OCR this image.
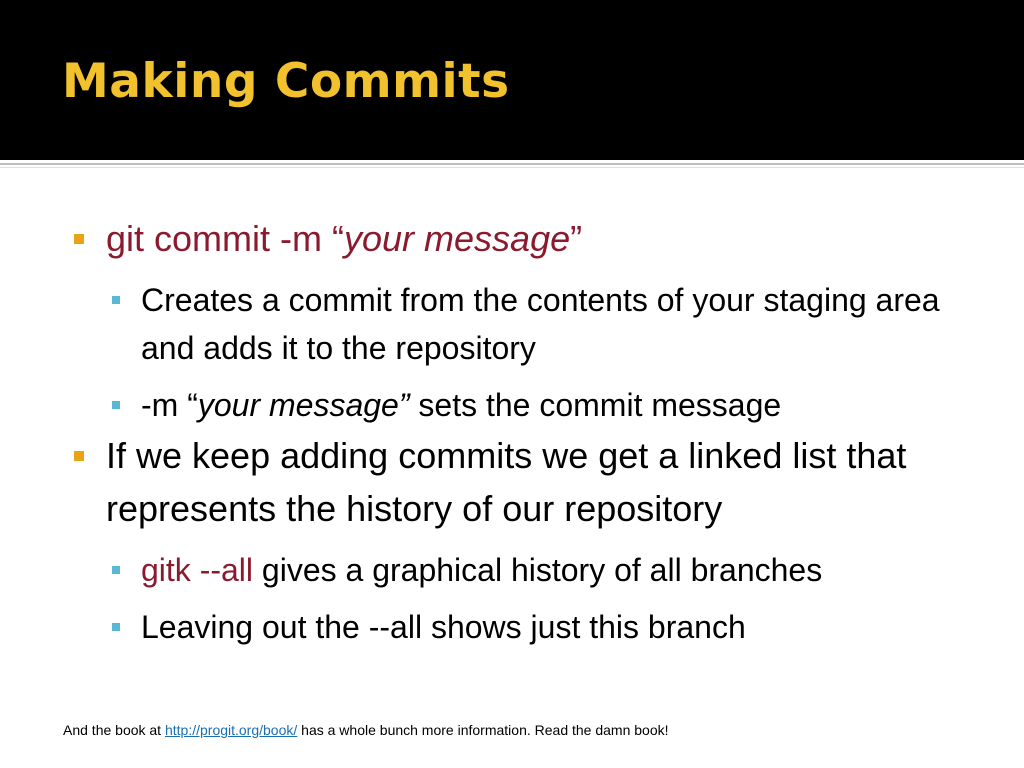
Making Commits

git commit -m “your message”

Creates a commit from the contents of your staging area and adds it to the repository

-m “your message” sets the commit message

If we keep adding commits we get a linked list that represents the history of our repository

gitk --all gives a graphical history of all branches

Leaving out the --all shows just this branch

And the book at http://progit.org/book/ has a whole bunch more information. Read the damn book!
